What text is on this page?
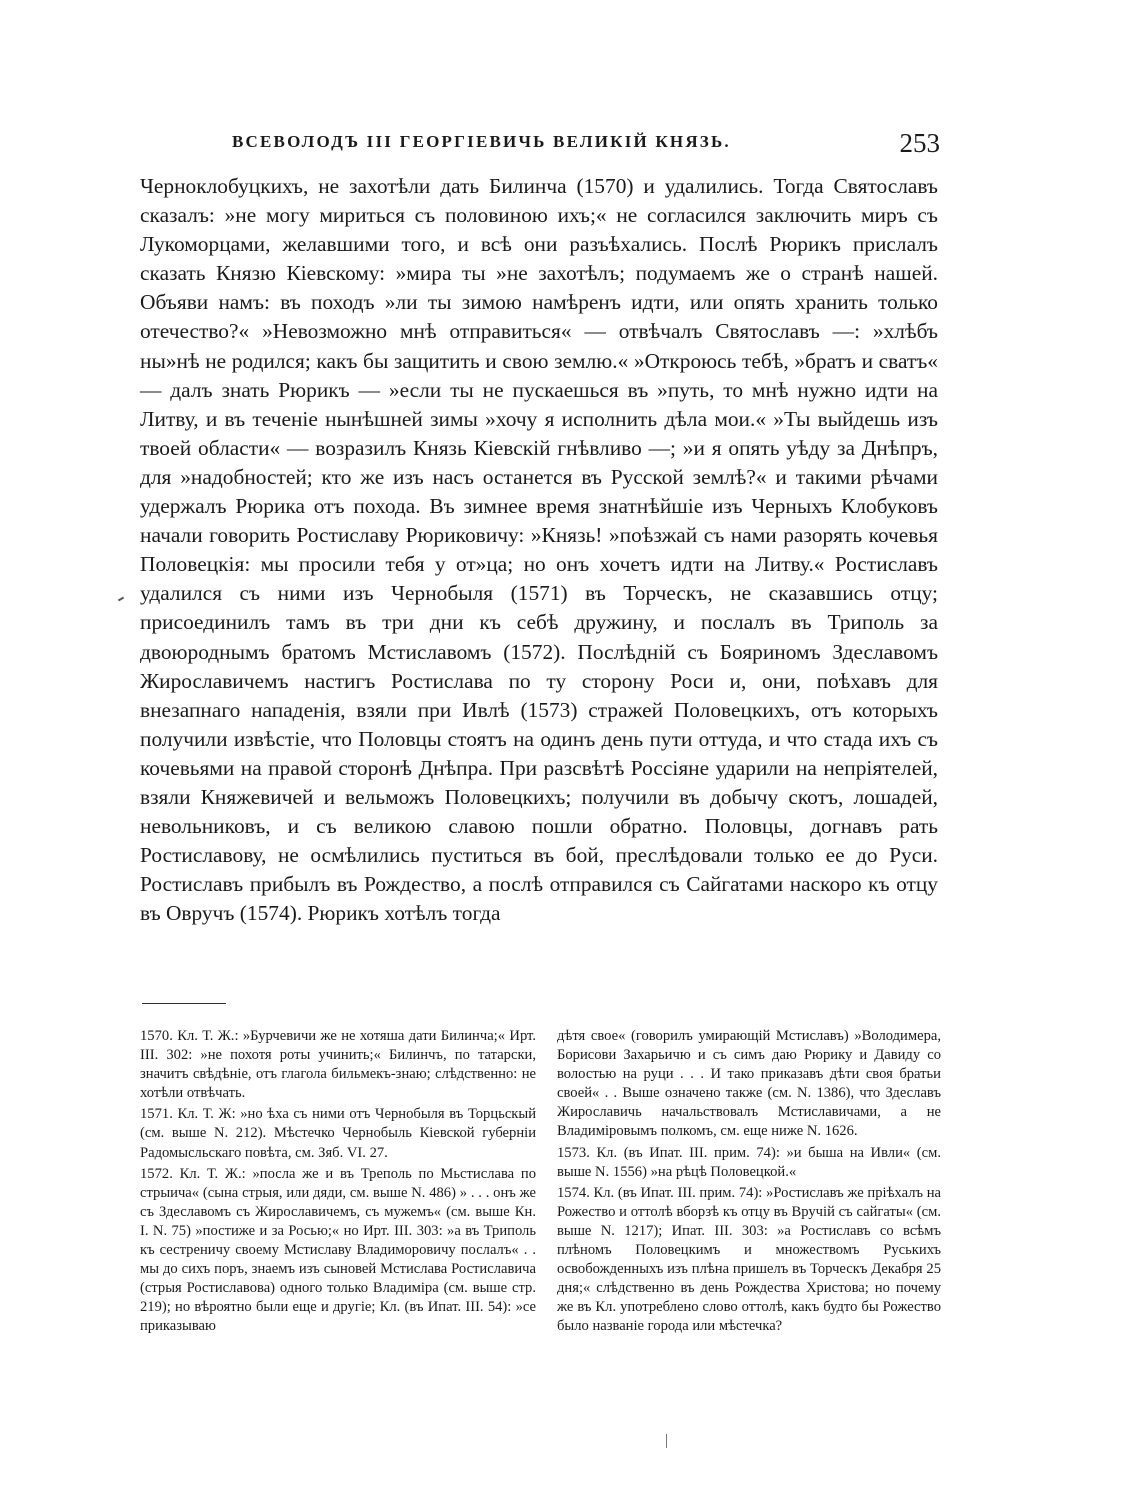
ВСЕВОЛОДЪ III ГЕОРГІЕВИЧЬ ВЕЛИКІЙ КНЯЗЬ.	253

Черноклобуцкихъ, не захотѣли дать Билинча (1570) и удалились. Тогда Святославъ сказалъ: »не могу мириться съ половиною ихъ;« не согласился заключить миръ съ Лукоморцами, желавшими того, и всѣ они разъѣхались. Послѣ Рюрикъ прислалъ сказать Князю Кіевскому: »мира ты »не захотѣлъ; подумаемъ же о странѣ нашей. Объяви намъ: въ походъ »ли ты зимою намѣренъ идти, или опять хранить только отечество?« »Невозможно мнѣ отправиться« — отвѣчалъ Святославъ —: »хлѣбъ ны»нѣ не родился; какъ бы защитить и свою землю.« »Откроюсь тебѣ, »братъ и сватъ« — далъ знать Рюрикъ — »если ты не пускаешься въ »путь, то мнѣ нужно идти на Литву, и въ теченіе нынѣшней зимы »хочу я исполнить дѣла мои.« »Ты выйдешь изъ твоей области« — возразилъ Князь Кіевскій гнѣвливо —; »и я опять уѣду за Днѣпръ, для »надобностей; кто же изъ насъ останется въ Русской землѣ?« и такими рѣчами удержалъ Рюрика отъ похода. Въ зимнее время знатнѣйшіе изъ Черныхъ Клобуковъ начали говорить Ростиславу Рюриковичу: »Князь! »поѣзжай съ нами разорять кочевья Половецкія: мы просили тебя у от»ца; но онъ хочетъ идти на Литву.« Ростиславъ удалился съ ними изъ Чернобыля (1571) въ Торческъ, не сказавшись отцу; присоединилъ тамъ въ три дни къ себѣ дружину, и послалъ въ Триполь за двоюроднымъ братомъ Мстиславомъ (1572). Послѣдній съ Бояриномъ Здеславомъ Жирославичемъ настигъ Ростислава по ту сторону Роси и, они, поѣхавъ для внезапнаго нападенія, взяли при Ивлѣ (1573) стражей Половецкихъ, отъ которыхъ получили извѣстіе, что Половцы стоятъ на одинъ день пути оттуда, и что стада ихъ съ кочевьями на правой сторонѣ Днѣпра. При разсвѣтѣ Россіяне ударили на непріятелей, взяли Княжевичей и вельможъ Половецкихъ; получили въ добычу скотъ, лошадей, невольниковъ, и съ великою славою пошли обратно. Половцы, догнавъ рать Ростиславову, не осмѣлились пуститься въ бой, преслѣдовали только ее до Руси. Ростиславъ прибылъ въ Рождество, а послѣ отправился съ Сайгатами наскоро къ отцу въ Овручъ (1574). Рюрикъ хотѣлъ тогда

1570. Кл. Т. Ж.: »Бурчевичи же не хотяша дати Билинча;« Ирт. III. 302: »не похотя роты учинить;« Билинчъ, по татарски, значитъ свѣдѣніе, отъ глагола бильмекъ-знаю; слѣдственно: не хотѣли отвѣчать.

1571. Кл. Т. Ж: »но ѣха съ ними отъ Чернобыля въ Торцьскый (см. выше N. 212). Мѣстечко Чернобыль Кіевской губерніи Радомысльскаго повѣта, см. Зяб. VI. 27.

1572. Кл. Т. Ж.: »посла же и въ Треполь по Мьстислава по стрыича« (сына стрыя, или дяди, см. выше N. 486) » . . . онъ же съ Здеславомъ съ Жирославичемъ, съ мужемъ« (см. выше Кн. I. N. 75) »постиже и за Росью;« но Ирт. III. 303: »а въ Триполь къ сестреничу своему Мстиславу Владиморовичу послалъ« . . мы до сихъ поръ, знаемъ изъ сыновей Мстислава Ростиславича (стрыя Ростиславова) одного только Владиміра (см. выше стр. 219); но вѣроятно были еще и другіе; Кл. (въ Ипат. III. 54): »се приказываю

дѣтя свое« (говорилъ умирающій Мстиславъ) »Володимера, Борисови Захарьичю и съ симъ даю Рюрику и Давиду со волостью на руци . . . И тако приказавъ дѣти своя братьи своей« . . Выше означено также (см. N. 1386), что Здеславъ Жирославичь начальствовалъ Мстиславичами, а не Владиміровымъ полкомъ, см. еще ниже N. 1626.

1573. Кл. (въ Ипат. III. прим. 74): »и быша на Ивли« (см. выше N. 1556) »на рѣцѣ Половецкой.«

1574. Кл. (въ Ипат. III. прим. 74): »Ростиславъ же пріѣхалъ на Рожество и оттолѣ вборзѣ къ отцу въ Вручій съ сайгаты« (см. выше N. 1217); Ипат. III. 303: »а Ростиславъ со всѣмъ плѣномъ Половецкимъ и множествомъ Руськихъ освобожденныхъ изъ плѣна пришелъ въ Торческъ Декабря 25 дня;« слѣдственно въ день Рождества Христова; но почему же въ Кл. употреблено слово оттолѣ, какъ будто бы Рожество было названіе города или мѣстечка?
